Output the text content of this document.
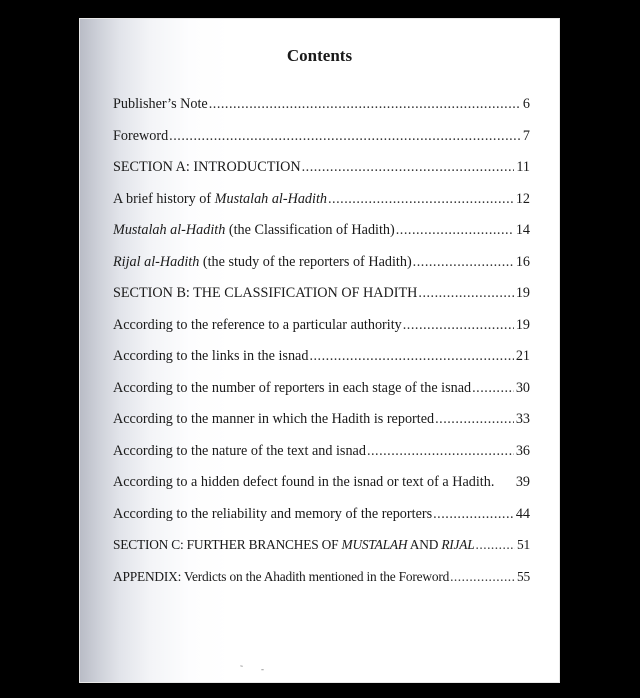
Contents
Publisher’s Note .....	6
Foreword .....	7
SECTION A: INTRODUCTION .....	11
A brief history of Mustalah al-Hadith .....	12
Mustalah al-Hadith (the Classification of Hadith) .....	14
Rijal al-Hadith (the study of the reporters of Hadith) .....	16
SECTION B: THE CLASSIFICATION OF HADITH .....	19
According to the reference to a particular authority .....	19
According to the links in the isnad .....	21
According to the number of reporters in each stage of the isnad .....	30
According to the manner in which the Hadith is reported .....	33
According to the nature of the text and isnad .....	36
According to a hidden defect found in the isnad or text of a Hadith. 39
According to the reliability and memory of the reporters .....	44
SECTION C: FURTHER BRANCHES OF MUSTALAH AND RIJAL .....	51
APPENDIX: Verdicts on the Ahadith mentioned in the Foreword .....	55
˜        ‐
